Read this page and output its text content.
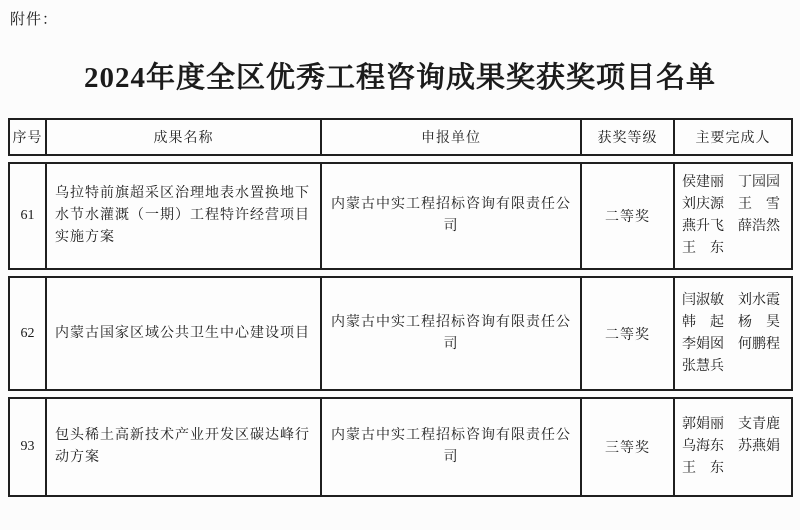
附件：
2024年度全区优秀工程咨询成果奖获奖项目名单
序号	成果名称	申报单位	获奖等级	主要完成人
61	乌拉特前旗超采区治理地表水置换地下水节水灌溉（一期）工程特许经营项目实施方案	内蒙古中实工程招标咨询有限责任公司	二等奖	侯建丽　丁园园
刘庆源　王　雪
燕升飞　薛浩然
王　东

62	内蒙古国家区域公共卫生中心建设项目	内蒙古中实工程招标咨询有限责任公司	二等奖	闫淑敏　刘水霞
韩　起　杨　昊
李娟囡　何鹏程
张慧兵

93	包头稀土高新技术产业开发区碳达峰行动方案	内蒙古中实工程招标咨询有限责任公司	三等奖	郭娟丽　支青鹿
乌海东　苏燕娟
王　东
